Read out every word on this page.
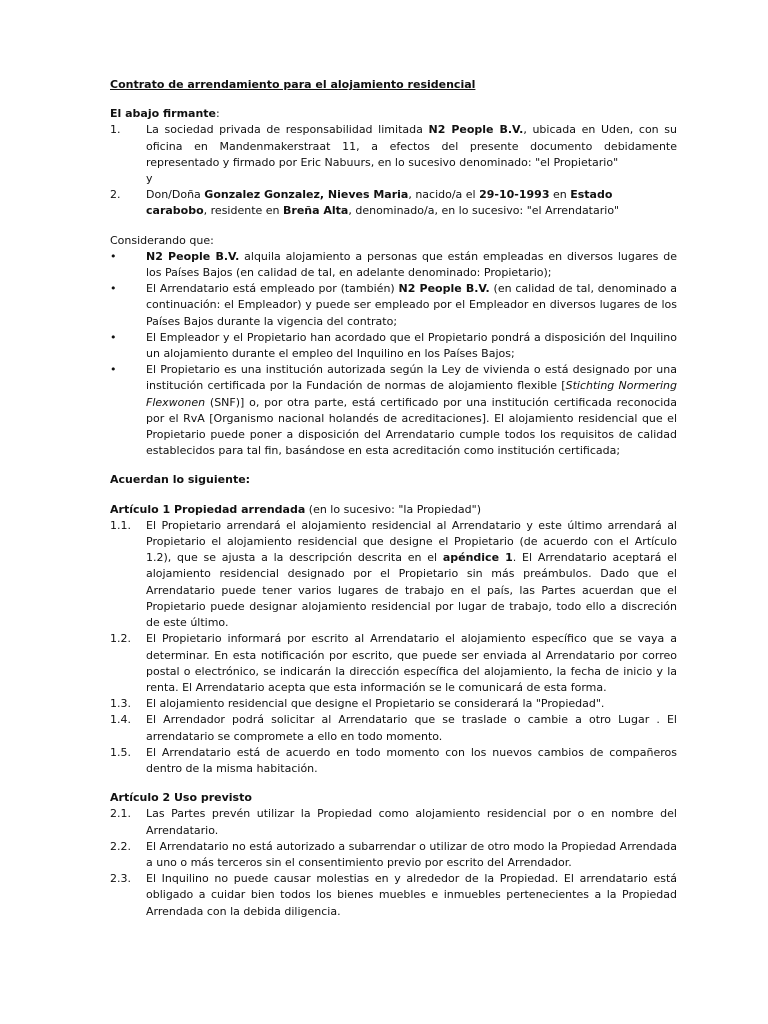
Contrato de arrendamiento para el alojamiento residencial
El abajo firmante:
1.	La sociedad privada de responsabilidad limitada N2 People B.V., ubicada en Uden, con su oficina en Mandenmakerstraat 11, a efectos del presente documento debidamente representado y firmado por Eric Nabuurs, en lo sucesivo denominado: "el Propietario"
y
2.	Don/Doña Gonzalez Gonzalez, Nieves Maria, nacido/a el 29-10-1993 en Estado carabobo, residente en Breña Alta, denominado/a, en lo sucesivo: "el Arrendatario"
Considerando que:
•	N2 People B.V. alquila alojamiento a personas que están empleadas en diversos lugares de los Países Bajos (en calidad de tal, en adelante denominado: Propietario);
•	El Arrendatario está empleado por (también) N2 People B.V. (en calidad de tal, denominado a continuación: el Empleador) y puede ser empleado por el Empleador en diversos lugares de los Países Bajos durante la vigencia del contrato;
•	El Empleador y el Propietario han acordado que el Propietario pondrá a disposición del Inquilino un alojamiento durante el empleo del Inquilino en los Países Bajos;
•	El Propietario es una institución autorizada según la Ley de vivienda o está designado por una institución certificada por la Fundación de normas de alojamiento flexible [Stichting Normering Flexwonen (SNF)] o, por otra parte, está certificado por una institución certificada reconocida por el RvA [Organismo nacional holandés de acreditaciones]. El alojamiento residencial que el Propietario puede poner a disposición del Arrendatario cumple todos los requisitos de calidad establecidos para tal fin, basándose en esta acreditación como institución certificada;
Acuerdan lo siguiente:
Artículo 1 Propiedad arrendada (en lo sucesivo: "la Propiedad")
1.1.	El Propietario arrendará el alojamiento residencial al Arrendatario y este último arrendará al Propietario el alojamiento residencial que designe el Propietario (de acuerdo con el Artículo 1.2), que se ajusta a la descripción descrita en el apéndice 1. El Arrendatario aceptará el alojamiento residencial designado por el Propietario sin más preámbulos. Dado que el Arrendatario puede tener varios lugares de trabajo en el país, las Partes acuerdan que el Propietario puede designar alojamiento residencial por lugar de trabajo, todo ello a discreción de este último.
1.2.	El Propietario informará por escrito al Arrendatario el alojamiento específico que se vaya a determinar. En esta notificación por escrito, que puede ser enviada al Arrendatario por correo postal o electrónico, se indicarán la dirección específica del alojamiento, la fecha de inicio y la renta. El Arrendatario acepta que esta información se le comunicará de esta forma.
1.3.	El alojamiento residencial que designe el Propietario se considerará la "Propiedad".
1.4.	El Arrendador podrá solicitar al Arrendatario que se traslade o cambie a otro Lugar . El arrendatario se compromete a ello en todo momento.
1.5.	El Arrendatario está de acuerdo en todo momento con los nuevos cambios de compañeros dentro de la misma habitación.
Artículo 2 Uso previsto
2.1.	Las Partes prevén utilizar la Propiedad como alojamiento residencial por o en nombre del Arrendatario.
2.2.	El Arrendatario no está autorizado a subarrendar o utilizar de otro modo la Propiedad Arrendada a uno o más terceros sin el consentimiento previo por escrito del Arrendador.
2.3.	El Inquilino no puede causar molestias en y alrededor de la Propiedad. El arrendatario está obligado a cuidar bien todos los bienes muebles e inmuebles pertenecientes a la Propiedad Arrendada con la debida diligencia.
